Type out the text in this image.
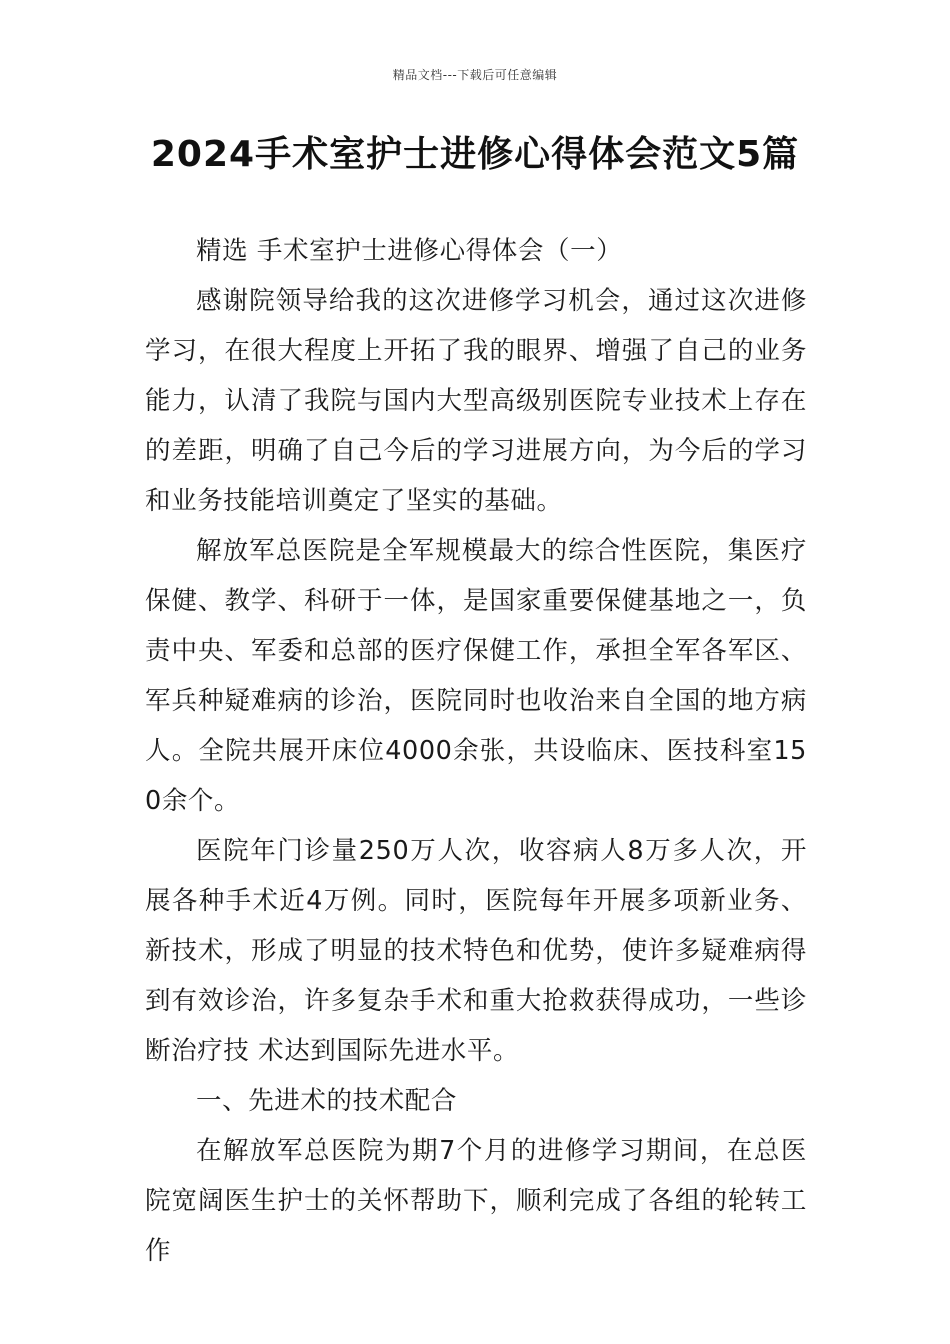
精品文档---下载后可任意编辑
2024手术室护士进修心得体会范文5篇

精选 手术室护士进修心得体会（一）

感谢院领导给我的这次进修学习机会，通过这次进修学习，在很大程度上开拓了我的眼界、增强了自己的业务能力，认清了我院与国内大型高级别医院专业技术上存在的差距，明确了自己今后的学习进展方向，为今后的学习和业务技能培训奠定了坚实的基础。

解放军总医院是全军规模最大的综合性医院，集医疗保健、教学、科研于一体，是国家重要保健基地之一，负责中央、军委和总部的医疗保健工作，承担全军各军区、军兵种疑难病的诊治，医院同时也收治来自全国的地方病人。全院共展开床位4000余张，共设临床、医技科室150余个。

医院年门诊量250万人次，收容病人8万多人次，开展各种手术近4万例。同时，医院每年开展多项新业务、新技术，形成了明显的技术特色和优势，使许多疑难病得到有效诊治，许多复杂手术和重大抢救获得成功，一些诊断治疗技 术达到国际先进水平。

一、先进术的技术配合

在解放军总医院为期7个月的进修学习期间，在总医院宽阔医生护士的关怀帮助下，顺利完成了各组的轮转工作
